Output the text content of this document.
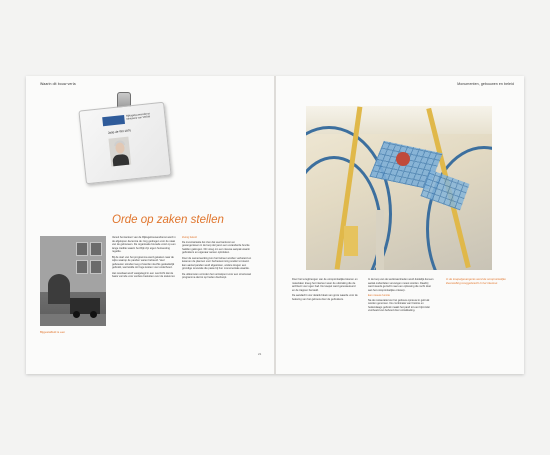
Waarin dit bouw verla
Rijksgebouwendienst Ministerie van VROM
Jaap de Wit 1976
Orde op zaken stellen
Bijgestaffeld is een

Vanuit het kantoor van de Rijksgebouwendienst werd in de afgelopen decennia de zorg gedragen voor de staat van de gebouwen. De organisatie bouwde voort op een lange traditie waarin het Rijk zijn eigen huisvesting regelde.

Bij de start van het programma werd gekeken naar de wijze waarop de panden waren beheerd. Veel gebouwen stonden leeg of werden slechts gedeeltelijk gebruikt, wat leidde tot hoge kosten voor onderhoud.

Het resultaat werd vastgelegd in een overzicht dat de basis vormde voor verdere besluiten over de toekomst.

Zuinig beleid

De inventarisatie liet zien dat veel kantoren en gevangenissen in de loop der jaren een veranderde functie hadden gekregen. Dit vroeg om een nieuwe aanpak waarin gebruikers en eigenaar samen optrokken.

Door de samenwerking kon het beheer worden verbeterd en kwamen de plannen voor herbestemming sneller tot stand. Een aantal panden werd afgestoten, andere kregen een grondige renovatie die paste bij hun monumentale waarde.

De uitkomsten vormden het vertrekpunt voor een structureel programma dat tot op heden doorloopt.

21
Monumenten, gebouwen en beleid

Door het terugbrengen van de oorspronkelijke kleuren en materialen kreeg het interieur weer de uitstraling die de architect voor ogen had. De koepel werd gerestaureerd en de trappen hersteld.

De aandacht voor details bleek van grote waarde voor de beleving van het gebouw door de gebruikers.

In de loop van de werkzaamheden werd duidelijk dat een aantal onderdelen vervangen moest worden. Daarbij werd steeds gezocht naar een oplossing die recht doet aan het oorspronkelijke ontwerp.

Een nieuwe functie

Na de restauratie kon het gebouw opnieuw in gebruik worden genomen. De combinatie van historie en hedendaags gebruik maakt het pand tot een bijzonder voorbeeld van behoud door ontwikkeling.

In de koepelgevangenis werd de oorspronkelijke kleurstelling teruggebracht in het interieur.
